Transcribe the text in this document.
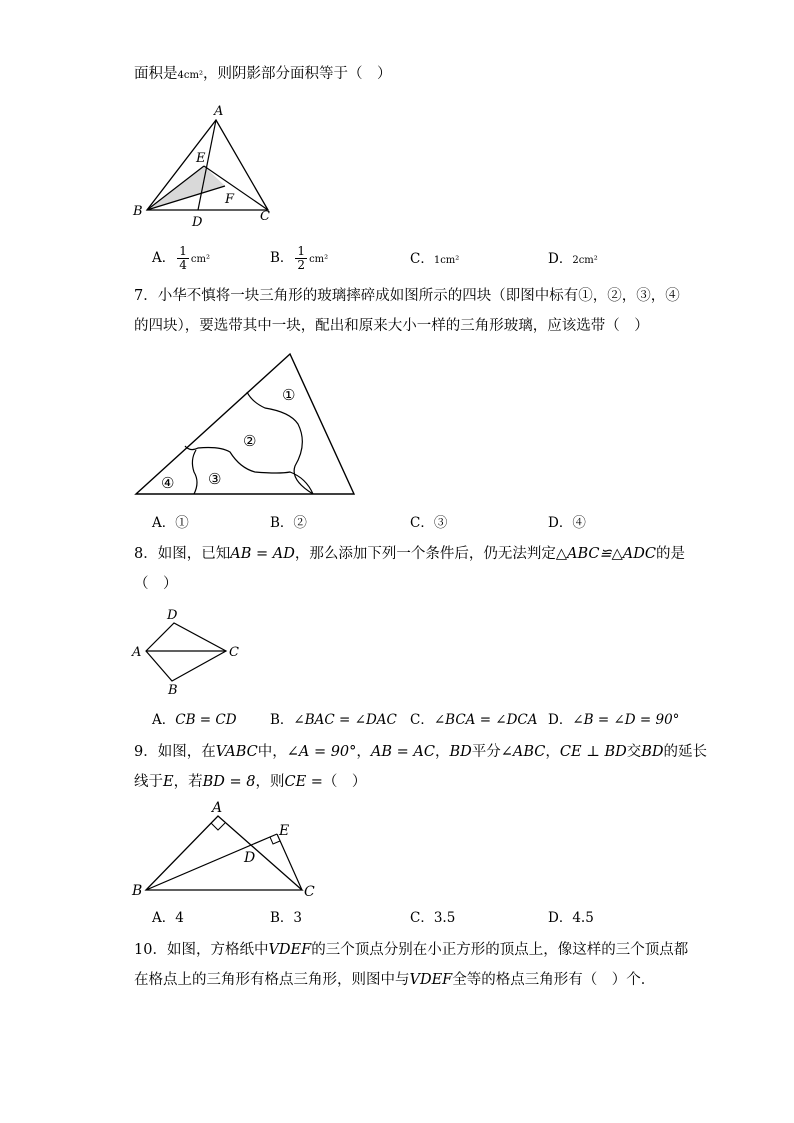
面积是4cm²，则阴影部分面积等于（　）
A
E
F
B
D	C
A． $\frac{1}{4} cm^2$	B． $\frac{1}{2} cm^2$	C．1cm²	D．2cm²
7．小华不慎将一块三角形的玻璃摔碎成如图所示的四块（即图中标有①，②，③，④
的四块），要选带其中一块，配出和原来大小一样的三角形玻璃，应该选带（　）
①
②
③
④
A．①	B．②	C．③	D．④
8．如图，已知AB = AD，那么添加下列一个条件后，仍无法判定△ABC≌△ADC的是
（　）
D
A	C
B
A．CB = CD B．∠BAC = ∠DAC C．∠BCA = ∠DCA D．∠B = ∠D = 90°
9．如图，在VABC中，∠A = 90°，AB = AC，BD平分∠ABC，CE ⊥ BD交BD的延长
线于E，若BD = 8，则CE =（　）
A
E
D
B	C
A．4	B．3	C．3.5	D．4.5
10．如图，方格纸中VDEF的三个顶点分别在小正方形的顶点上，像这样的三个顶点都
在格点上的三角形有格点三角形，则图中与VDEF全等的格点三角形有（　）个．
